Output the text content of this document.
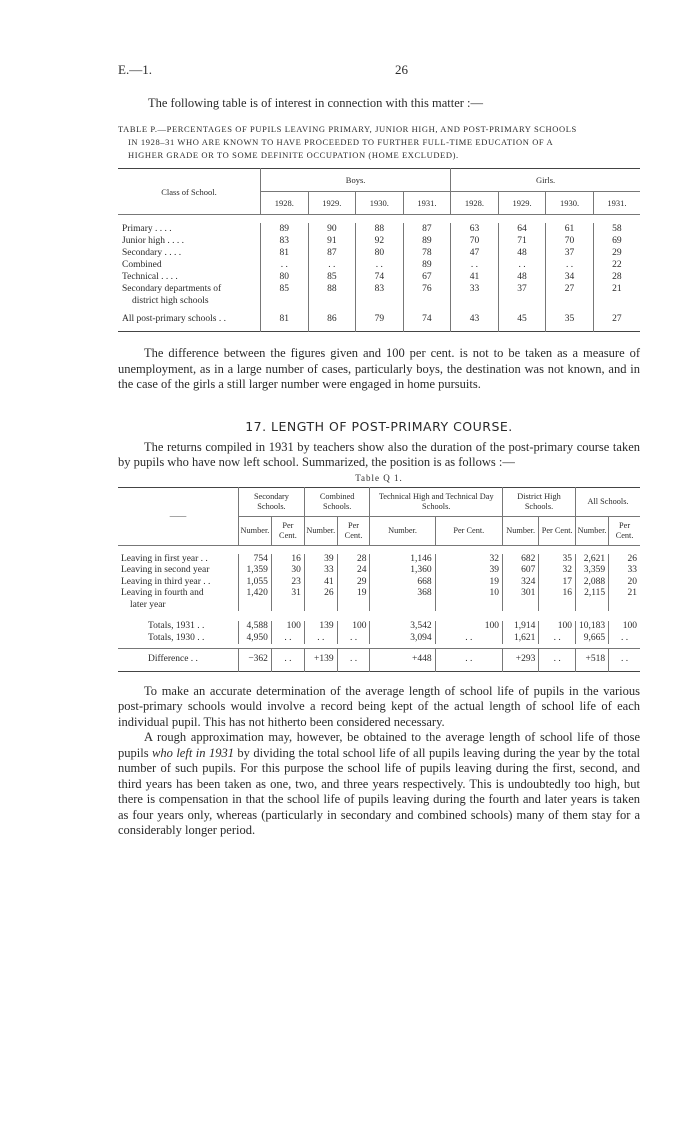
E.—1.	26

The following table is of interest in connection with this matter :—

TABLE P.—PERCENTAGES OF PUPILS LEAVING PRIMARY, JUNIOR HIGH, AND POST-PRIMARY SCHOOLS
IN 1928–31 WHO ARE KNOWN TO HAVE PROCEEDED TO FURTHER FULL-TIME EDUCATION OF A
HIGHER GRADE OR TO SOME DEFINITE OCCUPATION (HOME EXCLUDED).
Class of School.	Boys.				Girls.			
	1928.	1929.	1930.	1931.	1928.	1929.	1930.	1931.

Primary . . . .	89	90	88	87	63	64	61	58
Junior high . . . .	83	91	92	89	70	71	70	69
Secondary . . . .	81	87	80	78	47	48	37	29
Combined	. .	. .	. .	89	. .	. .	. .	22
Technical . . . .	80	85	74	67	41	48	34	28
Secondary departments of	85	88	83	76	33	37	27	21
district high schools								
All post-primary schools . .	81	86	79	74	43	45	35	27

The difference between the figures given and 100 per cent. is not to be taken as a measure of unemployment, as in a large number of cases, particularly boys, the destination was not known, and in the case of the girls a still larger number were engaged in home pursuits.

17. LENGTH OF POST-PRIMARY COURSE.

The returns compiled in 1931 by teachers show also the duration of the post-primary course taken by pupils who have now left school. Summarized, the position is as follows :—

Table Q 1.
——	Secondary Schools.		Combined Schools.		Technical High and Technical Day Schools.		District High Schools.		All Schools.	
	Number.	Per Cent.	Number.	Per Cent.	Number.	Per Cent.	Number.	Per Cent.	Number.	Per Cent.

Leaving in first year . .	754	16	39	28	1,146	32	682	35	2,621	26
Leaving in second year	1,359	30	33	24	1,360	39	607	32	3,359	33
Leaving in third year . .	1,055	23	41	29	668	19	324	17	2,088	20
Leaving in fourth and	1,420	31	26	19	368	10	301	16	2,115	21
later year										

Totals, 1931 . .	4,588	100	139	100	3,542	100	1,914	100	10,183	100
Totals, 1930 . .	4,950	. .	. .	. .	3,094	. .	1,621	. .	9,665	. .

Difference . .	−362	. .	+139	. .	+448	. .	+293	. .	+518	. .

To make an accurate determination of the average length of school life of pupils in the various post-primary schools would involve a record being kept of the actual length of school life of each individual pupil. This has not hitherto been considered necessary.

A rough approximation may, however, be obtained to the average length of school life of those pupils who left in 1931 by dividing the total school life of all pupils leaving during the year by the total number of such pupils. For this purpose the school life of pupils leaving during the first, second, and third years has been taken as one, two, and three years respectively. This is undoubtedly too high, but there is compensation in that the school life of pupils leaving during the fourth and later years is taken as four years only, whereas (particularly in secondary and combined schools) many of them stay for a considerably longer period.
